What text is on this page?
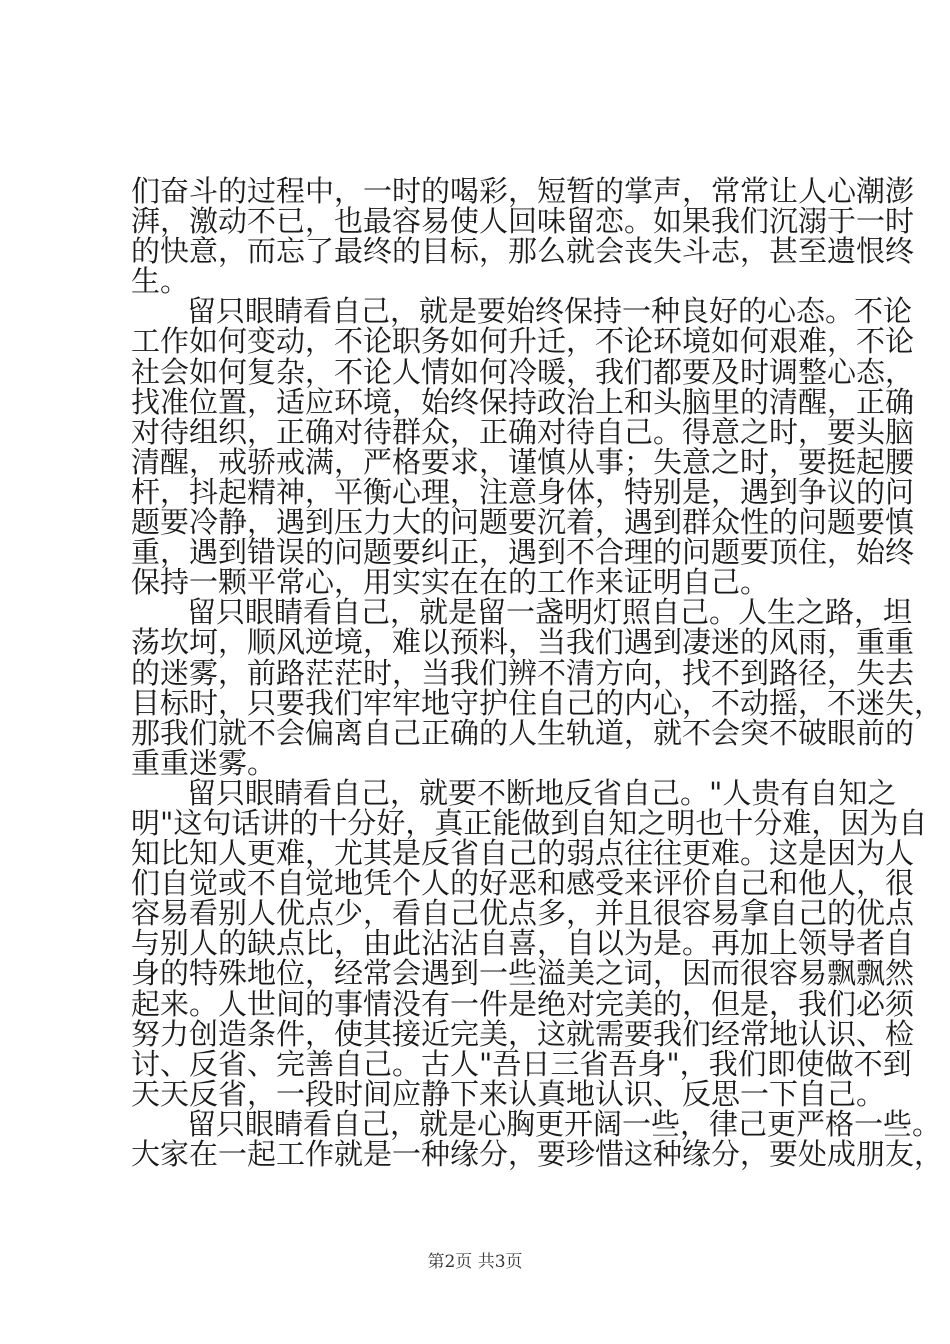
们奋斗的过程中，一时的喝彩，短暂的掌声，常常让人心潮澎
湃，激动不已，也最容易使人回味留恋。如果我们沉溺于一时
的快意，而忘了最终的目标，那么就会丧失斗志，甚至遗恨终
生。
留只眼睛看自己，就是要始终保持一种良好的心态。不论
工作如何变动，不论职务如何升迁，不论环境如何艰难，不论
社会如何复杂，不论人情如何冷暖，我们都要及时调整心态，
找准位置，适应环境，始终保持政治上和头脑里的清醒，正确
对待组织，正确对待群众，正确对待自己。得意之时，要头脑
清醒，戒骄戒满，严格要求，谨慎从事；失意之时，要挺起腰
杆，抖起精神，平衡心理，注意身体，特别是，遇到争议的问
题要冷静，遇到压力大的问题要沉着，遇到群众性的问题要慎
重，遇到错误的问题要纠正，遇到不合理的问题要顶住，始终
保持一颗平常心，用实实在在的工作来证明自己。
留只眼睛看自己，就是留一盏明灯照自己。人生之路，坦
荡坎坷，顺风逆境，难以预料，当我们遇到凄迷的风雨，重重
的迷雾，前路茫茫时，当我们辨不清方向，找不到路径，失去
目标时，只要我们牢牢地守护住自己的内心，不动摇，不迷失，
那我们就不会偏离自己正确的人生轨道，就不会突不破眼前的
重重迷雾。
留只眼睛看自己，就要不断地反省自己。"人贵有自知之
明"这句话讲的十分好，真正能做到自知之明也十分难，因为自
知比知人更难，尤其是反省自己的弱点往往更难。这是因为人
们自觉或不自觉地凭个人的好恶和感受来评价自己和他人，很
容易看别人优点少，看自己优点多，并且很容易拿自己的优点
与别人的缺点比，由此沾沾自喜，自以为是。再加上领导者自
身的特殊地位，经常会遇到一些溢美之词，因而很容易飘飘然
起来。人世间的事情没有一件是绝对完美的，但是，我们必须
努力创造条件，使其接近完美，这就需要我们经常地认识、检
讨、反省、完善自己。古人"吾日三省吾身"，我们即使做不到
天天反省，一段时间应静下来认真地认识、反思一下自己。
留只眼睛看自己，就是心胸更开阔一些，律己更严格一些。
大家在一起工作就是一种缘分，要珍惜这种缘分，要处成朋友，
第2页 共3页
